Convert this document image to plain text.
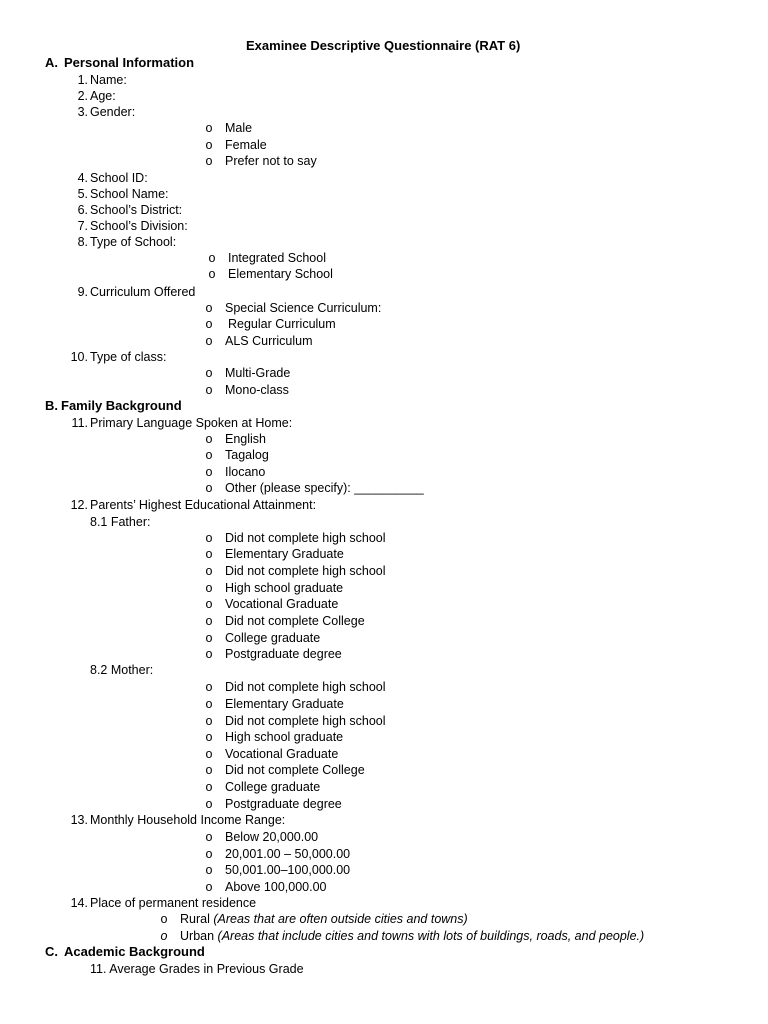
Examinee Descriptive Questionnaire (RAT 6)
A. Personal Information
1. Name:
2. Age:
3. Gender:
o Male
o Female
o Prefer not to say
4. School ID:
5. School Name:
6. School’s District:
7. School’s Division:
8. Type of School:
o Integrated School
o Elementary School
9. Curriculum Offered
o Special Science Curriculum:
o Regular Curriculum
o ALS Curriculum
10. Type of class:
o Multi-Grade
o Mono-class
B. Family Background
11. Primary Language Spoken at Home:
o English
o Tagalog
o Ilocano
o Other (please specify): __________
12. Parents’ Highest Educational Attainment:
8.1 Father:
o Did not complete high school
o Elementary Graduate
o Did not complete high school
o High school graduate
o Vocational Graduate
o Did not complete College
o College graduate
o Postgraduate degree
8.2 Mother:
o Did not complete high school
o Elementary Graduate
o Did not complete high school
o High school graduate
o Vocational Graduate
o Did not complete College
o College graduate
o Postgraduate degree
13. Monthly Household Income Range:
o Below 20,000.00
o 20,001.00 – 50,000.00
o 50,001.00–100,000.00
o Above 100,000.00
14. Place of permanent residence
o Rural (Areas that are often outside cities and towns)
o Urban (Areas that include cities and towns with lots of buildings, roads, and people.)
C. Academic Background
11. Average Grades in Previous Grade
